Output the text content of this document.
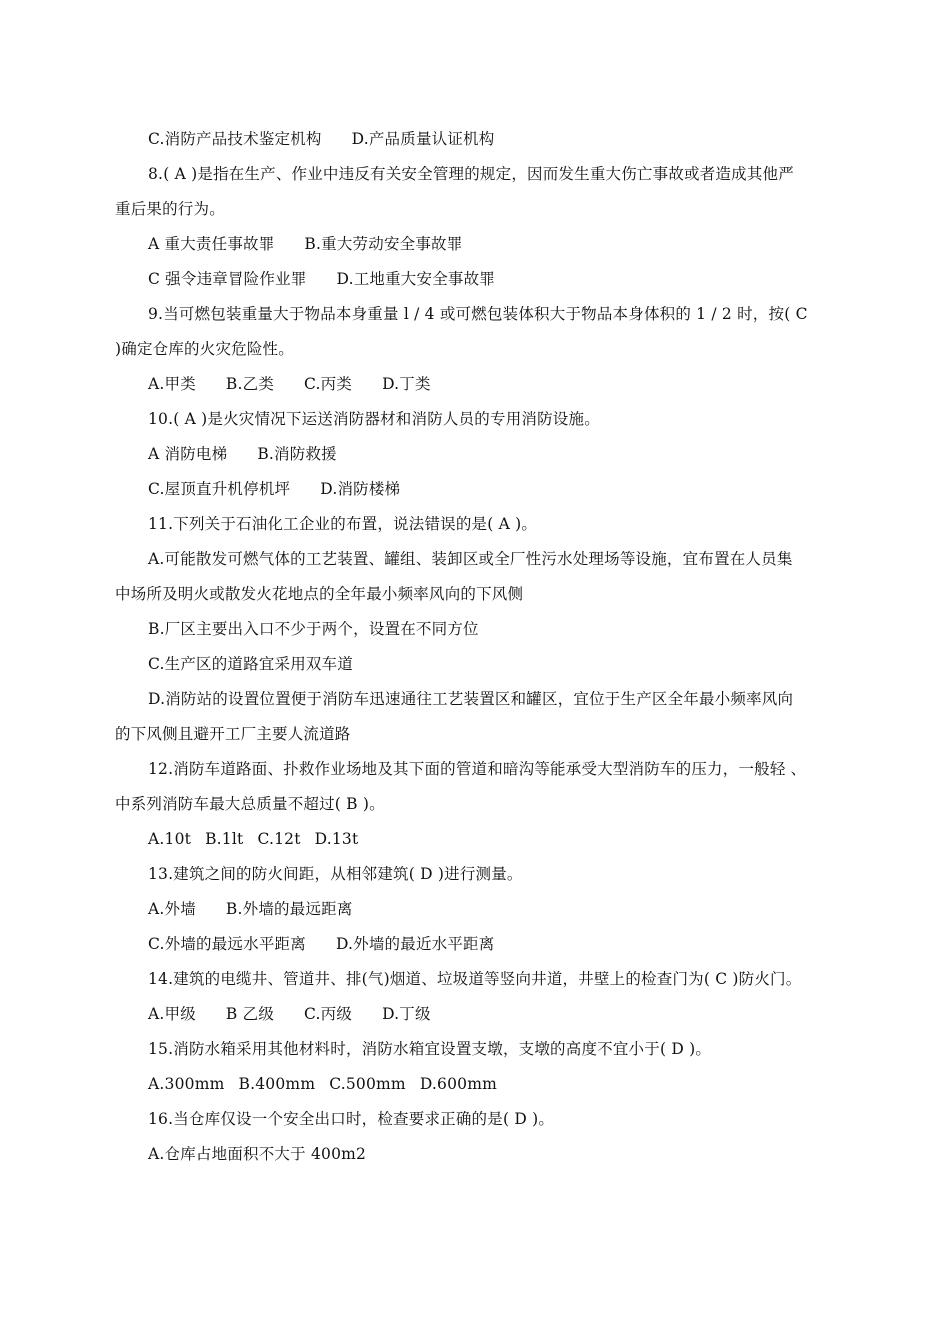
C.消防产品技术鉴定机构 D.产品质量认证机构
8.( A )是指在生产、作业中违反有关安全管理的规定，因而发生重大伤亡事故或者造成其他严
重后果的行为。
A 重大责任事故罪 B.重大劳动安全事故罪
C 强令违章冒险作业罪 D.工地重大安全事故罪
9.当可燃包装重量大于物品本身重量 l / 4 或可燃包装体积大于物品本身体积的 1 / 2 时，按( C
)确定仓库的火灾危险性。
A.甲类 B.乙类 C.丙类 D.丁类
10.( A )是火灾情况下运送消防器材和消防人员的专用消防设施。
A 消防电梯 B.消防救援
C.屋顶直升机停机坪 D.消防楼梯
11.下列关于石油化工企业的布置，说法错误的是( A )。
A.可能散发可燃气体的工艺装置、罐组、装卸区或全厂性污水处理场等设施，宜布置在人员集
中场所及明火或散发火花地点的全年最小频率风向的下风侧
B.厂区主要出入口不少于两个，设置在不同方位
C.生产区的道路宜采用双车道
D.消防站的设置位置便于消防车迅速通往工艺装置区和罐区，宜位于生产区全年最小频率风向
的下风侧且避开工厂主要人流道路
12.消防车道路面、扑救作业场地及其下面的管道和暗沟等能承受大型消防车的压力，一般轻 、
中系列消防车最大总质量不超过( B )。
A.10t B.1lt C.12t D.13t
13.建筑之间的防火间距，从相邻建筑( D )进行测量。
A.外墙 B.外墙的最远距离
C.外墙的最远水平距离 D.外墙的最近水平距离
14.建筑的电缆井、管道井、排(气)烟道、垃圾道等竖向井道，井壁上的检查门为( C )防火门。
A.甲级 B 乙级 C.丙级 D.丁级
15.消防水箱采用其他材料时，消防水箱宜设置支墩，支墩的高度不宜小于( D )。
A.300mm B.400mm C.500mm D.600mm
16.当仓库仅设一个安全出口时，检查要求正确的是( D )。
A.仓库占地面积不大于 400m2
